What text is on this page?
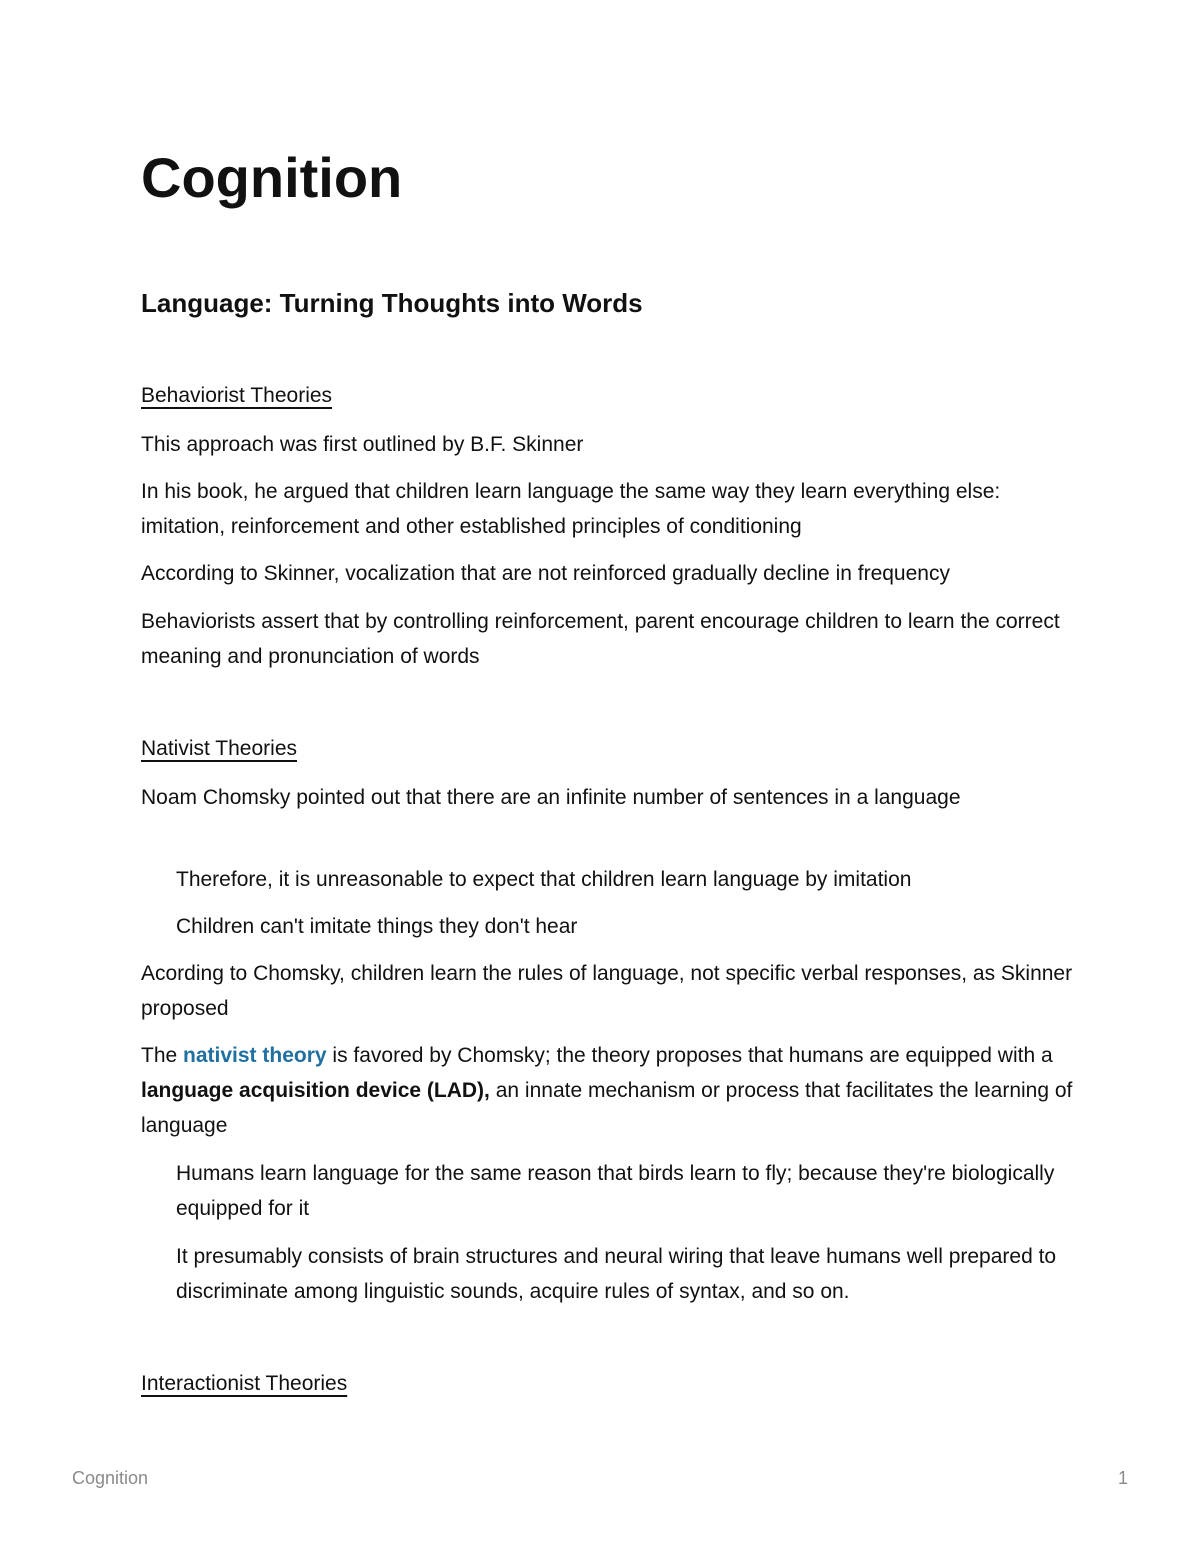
Cognition
Language: Turning Thoughts into Words
Behaviorist Theories

This approach was first outlined by B.F. Skinner

In his book, he argued that children learn language the same way they learn everything else: imitation, reinforcement and other established principles of conditioning

According to Skinner, vocalization that are not reinforced gradually decline in frequency

Behaviorists assert that by controlling reinforcement, parent encourage children to learn the correct meaning and pronunciation of words

Nativist Theories

Noam Chomsky pointed out that there are an infinite number of sentences in a language

Therefore, it is unreasonable to expect that children learn language by imitation

Children can't imitate things they don't hear

Acording to Chomsky, children learn the rules of language, not specific verbal responses, as Skinner proposed

The nativist theory is favored by Chomsky; the theory proposes that humans are equipped with a language acquisition device (LAD), an innate mechanism or process that facilitates the learning of language

Humans learn language for the same reason that birds learn to fly; because they're biologically equipped for it

It presumably consists of brain structures and neural wiring that leave humans well prepared to discriminate among linguistic sounds, acquire rules of syntax, and so on.

Interactionist Theories
Cognition	1
